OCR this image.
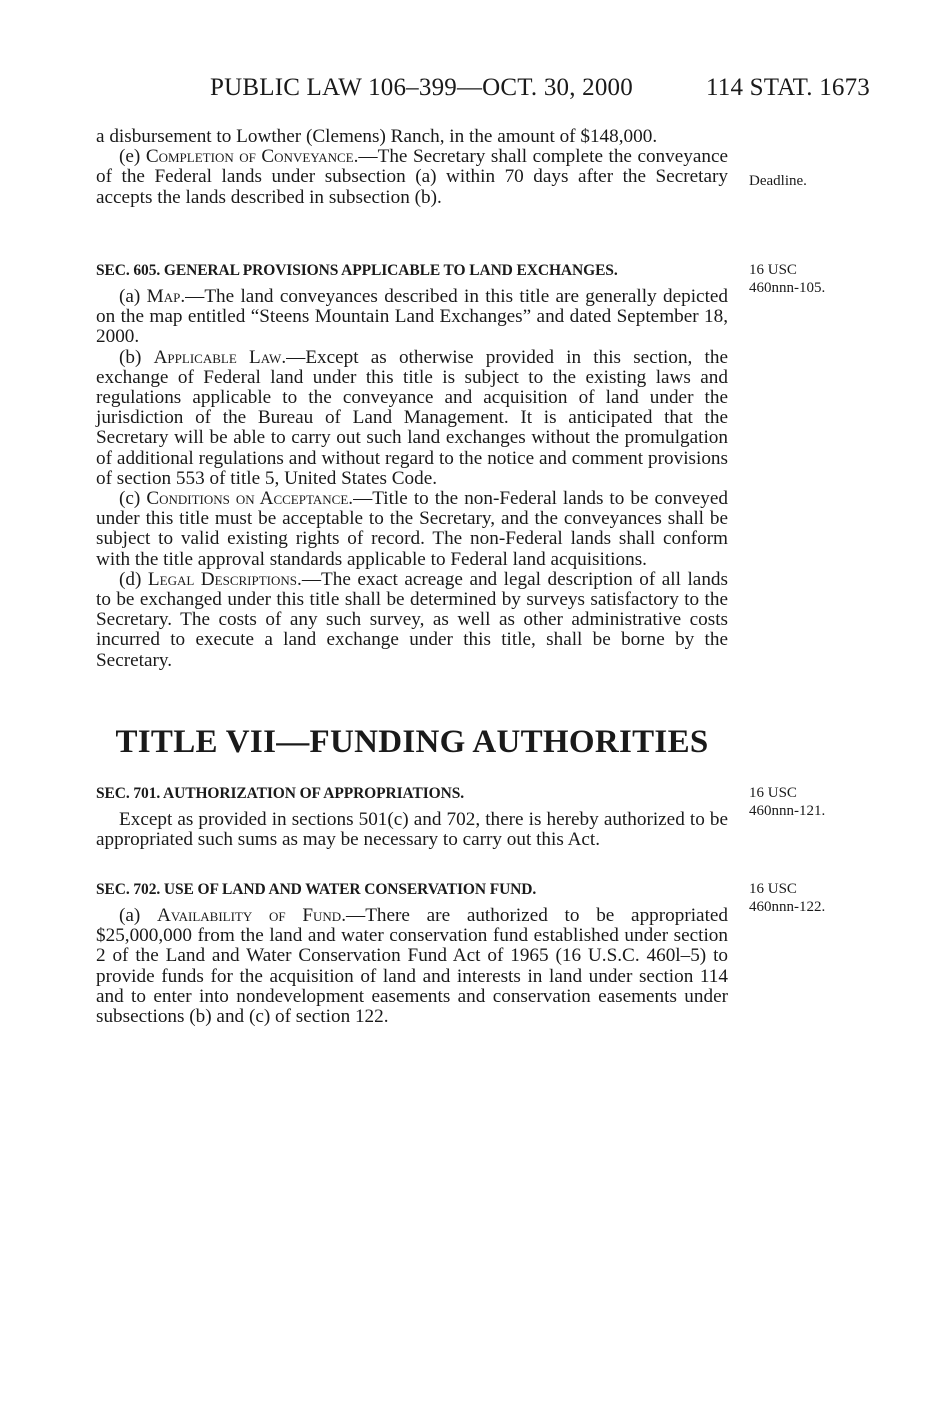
PUBLIC LAW 106–399—OCT. 30, 2000	114 STAT. 1673

a disbursement to Lowther (Clemens) Ranch, in the amount of $148,000.

(e) Completion of Conveyance.—The Secretary shall complete the conveyance of the Federal lands under subsection (a) within 70 days after the Secretary accepts the lands described in subsection (b).

Deadline.
SEC. 605. GENERAL PROVISIONS APPLICABLE TO LAND EXCHANGES.	16 USC
460nnn-105.

(a) Map.—The land conveyances described in this title are generally depicted on the map entitled “Steens Mountain Land Exchanges” and dated September 18, 2000.

(b) Applicable Law.—Except as otherwise provided in this section, the exchange of Federal land under this title is subject to the existing laws and regulations applicable to the conveyance and acquisition of land under the jurisdiction of the Bureau of Land Management. It is anticipated that the Secretary will be able to carry out such land exchanges without the promulgation of additional regulations and without regard to the notice and comment provisions of section 553 of title 5, United States Code.

(c) Conditions on Acceptance.—Title to the non-Federal lands to be conveyed under this title must be acceptable to the Secretary, and the conveyances shall be subject to valid existing rights of record. The non-Federal lands shall conform with the title approval standards applicable to Federal land acquisitions.

(d) Legal Descriptions.—The exact acreage and legal description of all lands to be exchanged under this title shall be determined by surveys satisfactory to the Secretary. The costs of any such survey, as well as other administrative costs incurred to execute a land exchange under this title, shall be borne by the Secretary.

TITLE VII—FUNDING AUTHORITIES
SEC. 701. AUTHORIZATION OF APPROPRIATIONS.	16 USC
460nnn-121.

Except as provided in sections 501(c) and 702, there is hereby authorized to be appropriated such sums as may be necessary to carry out this Act.

SEC. 702. USE OF LAND AND WATER CONSERVATION FUND.	16 USC
460nnn-122.

(a) Availability of Fund.—There are authorized to be appropriated $25,000,000 from the land and water conservation fund established under section 2 of the Land and Water Conservation Fund Act of 1965 (16 U.S.C. 460l–5) to provide funds for the acquisition of land and interests in land under section 114 and to enter into nondevelopment easements and conservation easements under subsections (b) and (c) of section 122.
